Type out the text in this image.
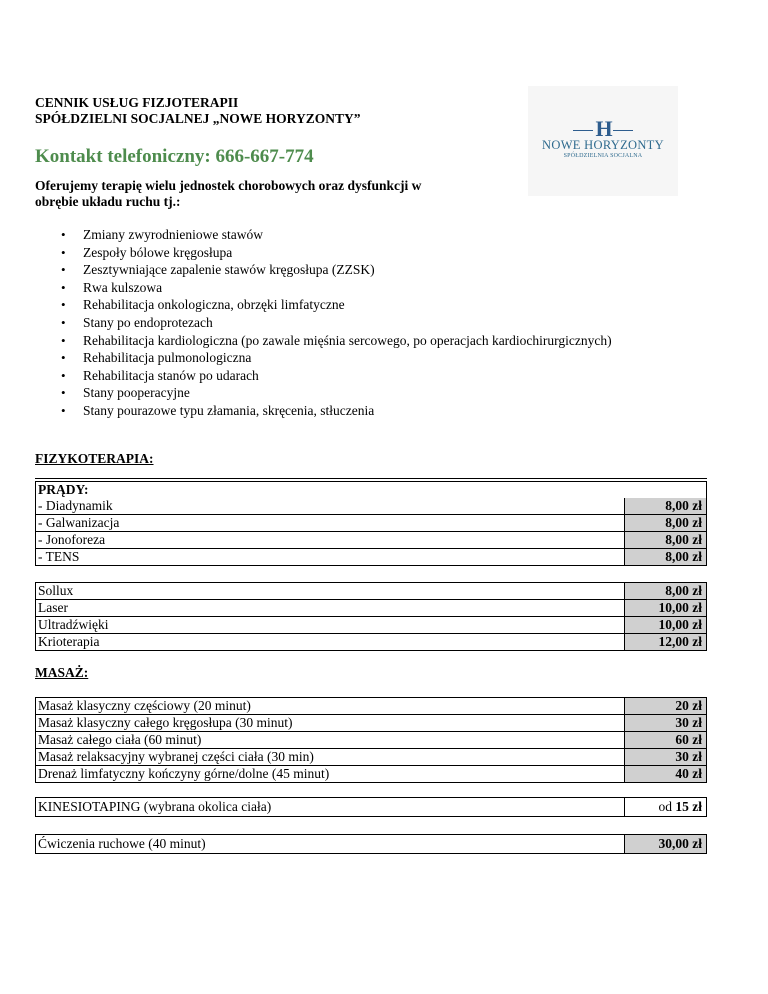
CENNIK USŁUG FIZJOTERAPII
SPÓŁDZIELNI SOCJALNEJ „NOWE HORYZONTY”
Kontakt telefoniczny: 666-667-774
Oferujemy terapię wielu jednostek chorobowych oraz dysfunkcji w
obrębie układu ruchu tj.:
H
NOWE HORYZONTY
SPÓŁDZIELNIA SOCJALNA
• Zmiany zwyrodnieniowe stawów
• Zespoły bólowe kręgosłupa
• Zesztywniające zapalenie stawów kręgosłupa (ZZSK)
• Rwa kulszowa
• Rehabilitacja onkologiczna, obrzęki limfatyczne
• Stany po endoprotezach
• Rehabilitacja kardiologiczna (po zawale mięśnia sercowego, po operacjach kardiochirurgicznych)
• Rehabilitacja pulmonologiczna
• Rehabilitacja stanów po udarach
• Stany pooperacyjne
• Stany pourazowe typu złamania, skręcenia, stłuczenia
FIZYKOTERAPIA:
PRĄDY:
- Diadynamik	8,00 zł
- Galwanizacja	8,00 zł
- Jonoforeza	8,00 zł
- TENS	8,00 zł
Sollux	8,00 zł
Laser	10,00 zł
Ultradźwięki	10,00 zł
Krioterapia	12,00 zł
MASAŻ:
Masaż klasyczny częściowy (20 minut)	20 zł
Masaż klasyczny całego kręgosłupa (30 minut)	30 zł
Masaż całego ciała (60 minut)	60 zł
Masaż relaksacyjny wybranej części ciała (30 min)	30 zł
Drenaż limfatyczny kończyny górne/dolne (45 minut)	40 zł
KINESIOTAPING (wybrana okolica ciała)	od 15 zł
Ćwiczenia ruchowe (40 minut)	30,00 zł
